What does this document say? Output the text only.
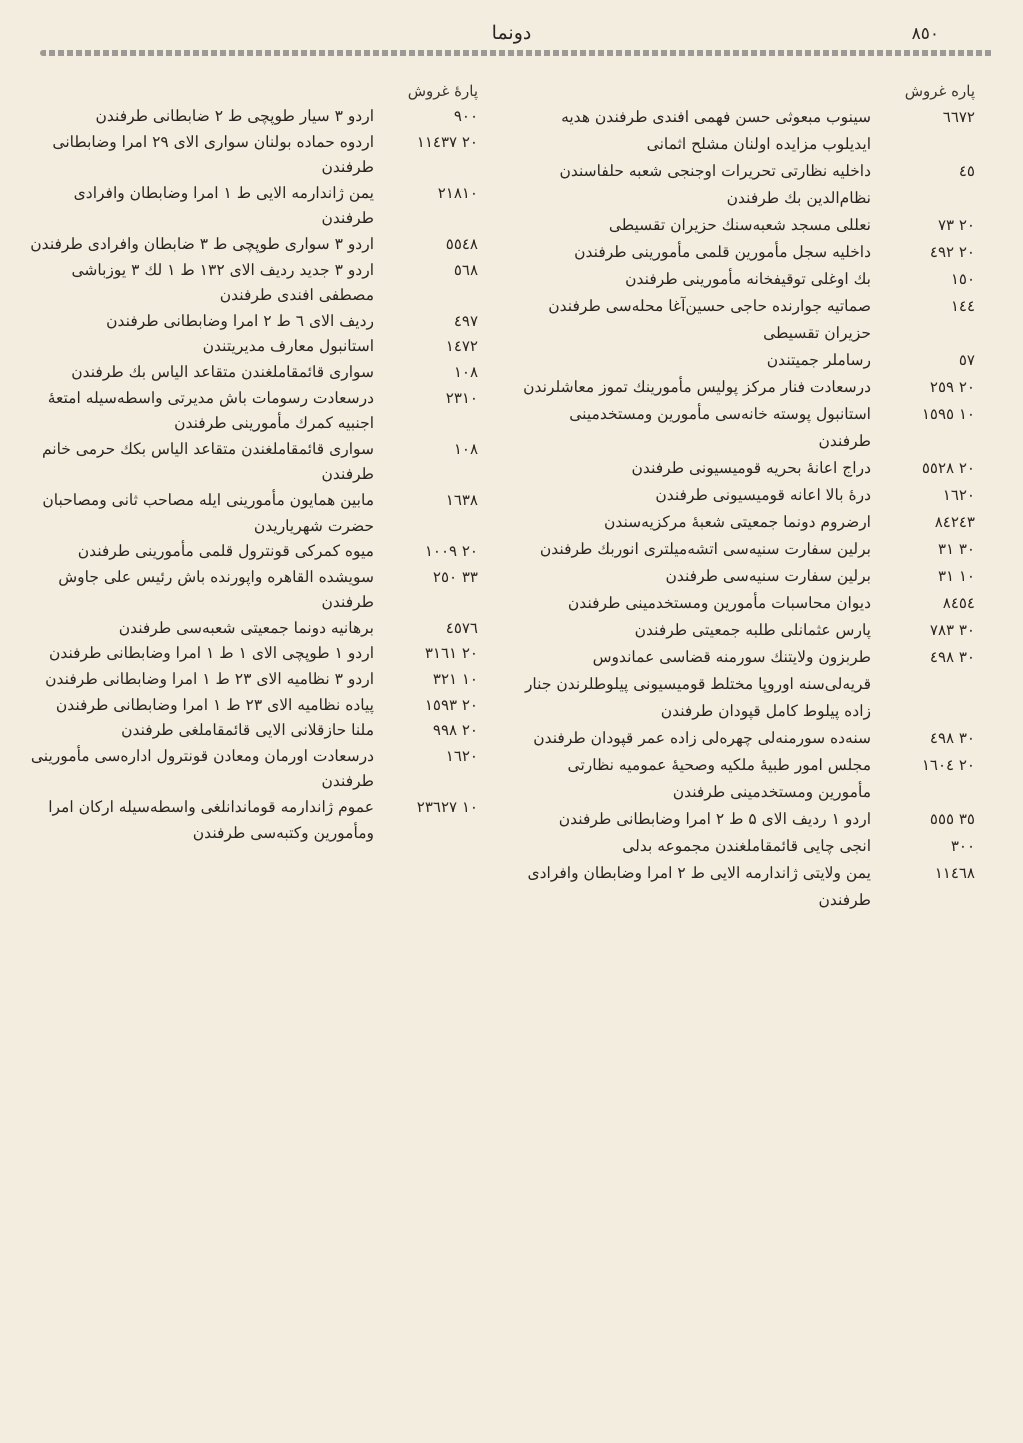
٨٥٠
دونما
پاره غروش
٦٦٧٢
سینوب مبعوثی حسن فهمی افندی طرفندن هدیه ایدیلوب مزایده اولنان مشلح اثمانی
٤٥
داخلیه نظارتی تحریرات اوجنجی شعبه حلفاسندن نظام‌الدین بك طرفندن
٢٠ ٧٣
نعللی مسجد شعبه‌سنك حزیران تقسیطی
٢٠ ٤٩٢
داخلیه سجل مأمورین قلمی مأمورینی طرفندن
١٥٠
بك اوغلی توقیفخانه مأمورینی طرفندن
١٤٤
صماتیه جوارنده حاجی حسین‌آغا محله‌سی طرفندن حزیران تقسیطی
٥٧
رساملر جمیتندن
٢٠ ٢٥٩
درسعادت فنار مرکز پولیس مأمورینك تموز معاشلرندن
١٠ ١٥٩٥
استانبول پوسته خانه‌سی مأمورین ومستخدمینی طرفندن
٢٠ ٥٥٢٨
دراج اعانهٔ بحریه قومیسیونی طرفندن
١٦٢٠
درهٔ بالا اعانه قومیسیونی طرفندن
٨٤٢٤٣
ارضروم دونما جمعیتی شعبهٔ مرکزیه‌سندن
٣٠ ٣١
برلین سفارت سنیه‌سی اتشه‌میلتری انوربك طرفندن
١٠ ٣١
برلین سفارت سنیه‌سی طرفندن
٨٤٥٤
دیوان محاسبات مأمورین ومستخدمینی طرفندن
٣٠ ٧٨٣
پارس عثمانلی طلبه جمعیتی طرفندن
٣٠ ٤٩٨
طربزون ولایتنك سورمنه قضاسی عماندوس قریه‌لی‌سنه اوروپا مختلط قومیسیونی پیلوطلرندن جنار زاده پیلوط کامل قپودان طرفندن
٣٠ ٤٩٨
سنه‌ده سورمنه‌لی چهره‌لی زاده عمر قپودان طرفندن
٢٠ ١٦٠٤
مجلس امور طبیهٔ ملکیه وصحیهٔ عمومیه نظارتی مأمورین ومستخدمینی طرفندن
٣٥ ٥٥٥
اردو ۱ ردیف الای ۵ ط ۲ امرا وضابطانی طرفندن
٣٠٠
انجی چایی قائمقاملغندن مجموعه بدلی
١١٤٦٨
یمن ولایتی ژاندارمه الایی ط ۲ امرا وضابطان وافرادی طرفندن
پارهٔ غروش
٩٠٠
اردو ۳ سیار طوپچی ط ۲ ضابطانی طرفندن
٢٠ ١١٤٣٧
اردوه حماده بولنان سواری الای ۲۹ امرا وضابطانی طرفندن
٢١٨١٠
یمن ژاندارمه الایی ط ۱ امرا وضابطان وافرادی طرفندن
٥٥٤٨
اردو ۳ سواری طوپچی ط ۳ ضابطان وافرادی طرفندن
٥٦٨
اردو ۳ جدید ردیف الای ۱۳۲ ط ۱ لك ۳ یوزباشی مصطفی افندی طرفندن
٤٩٧
ردیف الای ٦ ط ۲ امرا وضابطانی طرفندن
١٤٧٢
استانبول معارف مدیریتندن
١٠٨
سواری قائمقاملغندن متقاعد الیاس بك طرفندن
٢٣١٠
درسعادت رسومات باش مدیرتی واسطه‌سیله امتعهٔ اجنبیه کمرك مأمورینی طرفندن
١٠٨
سواری قائمقاملغندن متقاعد الیاس بکك حرمی خانم طرفندن
١٦٣٨
مابین همایون مأمورینی ایله مصاحب ثانی ومصاحبان حضرت شهریاریدن
٢٠ ١٠٠٩
میوه کمرکی قونترول قلمی مأمورینی طرفندن
٣٣ ٢٥٠
سویشده القاهره واپورنده باش رئیس علی جاوش طرفندن
٤٥٧٦
برهانیه دونما جمعیتی شعبه‌سی طرفندن
٢٠ ٣١٦١
اردو ۱ طوپچی الای ۱ ط ۱ امرا وضابطانی طرفندن
١٠ ٣٢١
اردو ۳ نظامیه الای ۲۳ ط ۱ امرا وضابطانی طرفندن
٢٠ ١٥٩٣
پیاده نظامیه الای ۲۳ ط ۱ امرا وضابطانی طرفندن
٢٠ ٩٩٨
ملنا حازقلانی الایی قائمقاملغی طرفندن
١٦٢٠
درسعادت اورمان ومعادن قونترول اداره‌سی مأمورینی طرفندن
١٠ ٢٣٦٢٧
عموم ژاندارمه قوماندانلغی واسطه‌سیله ارکان امرا ومأمورین وکتبه‌سی طرفندن
